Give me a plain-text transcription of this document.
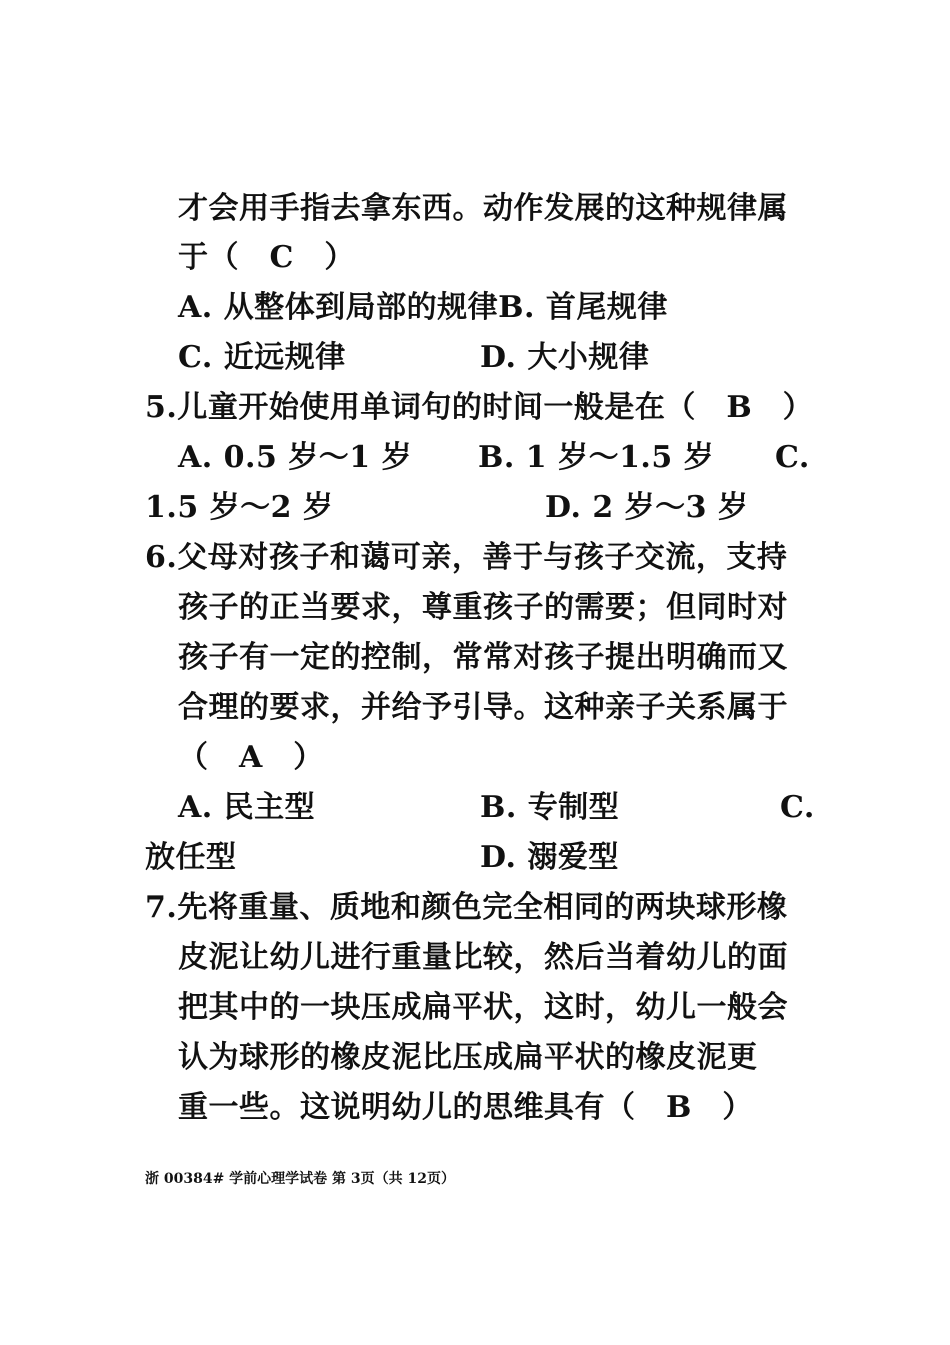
才会用手指去拿东西。动作发展的这种规律属
于（　C　）
A. 从整体到局部的规律B. 首尾规律
C. 近远规律	D. 大小规律
5.儿童开始使用单词句的时间一般是在（　B　）
A. 0.5 岁～1 岁 B. 1 岁～1.5 岁 C.
1.5 岁～2 岁	D. 2 岁～3 岁
6.父母对孩子和蔼可亲，善于与孩子交流，支持
孩子的正当要求，尊重孩子的需要；但同时对
孩子有一定的控制，常常对孩子提出明确而又
合理的要求，并给予引导。这种亲子关系属于
（　A　）
A. 民主型	B. 专制型	C.
放任型	D. 溺爱型
7.先将重量、质地和颜色完全相同的两块球形橡
皮泥让幼儿进行重量比较，然后当着幼儿的面
把其中的一块压成扁平状，这时，幼儿一般会
认为球形的橡皮泥比压成扁平状的橡皮泥更
重一些。这说明幼儿的思维具有（　B　）
浙 00384# 学前心理学试卷 第 3页（共 12页）
